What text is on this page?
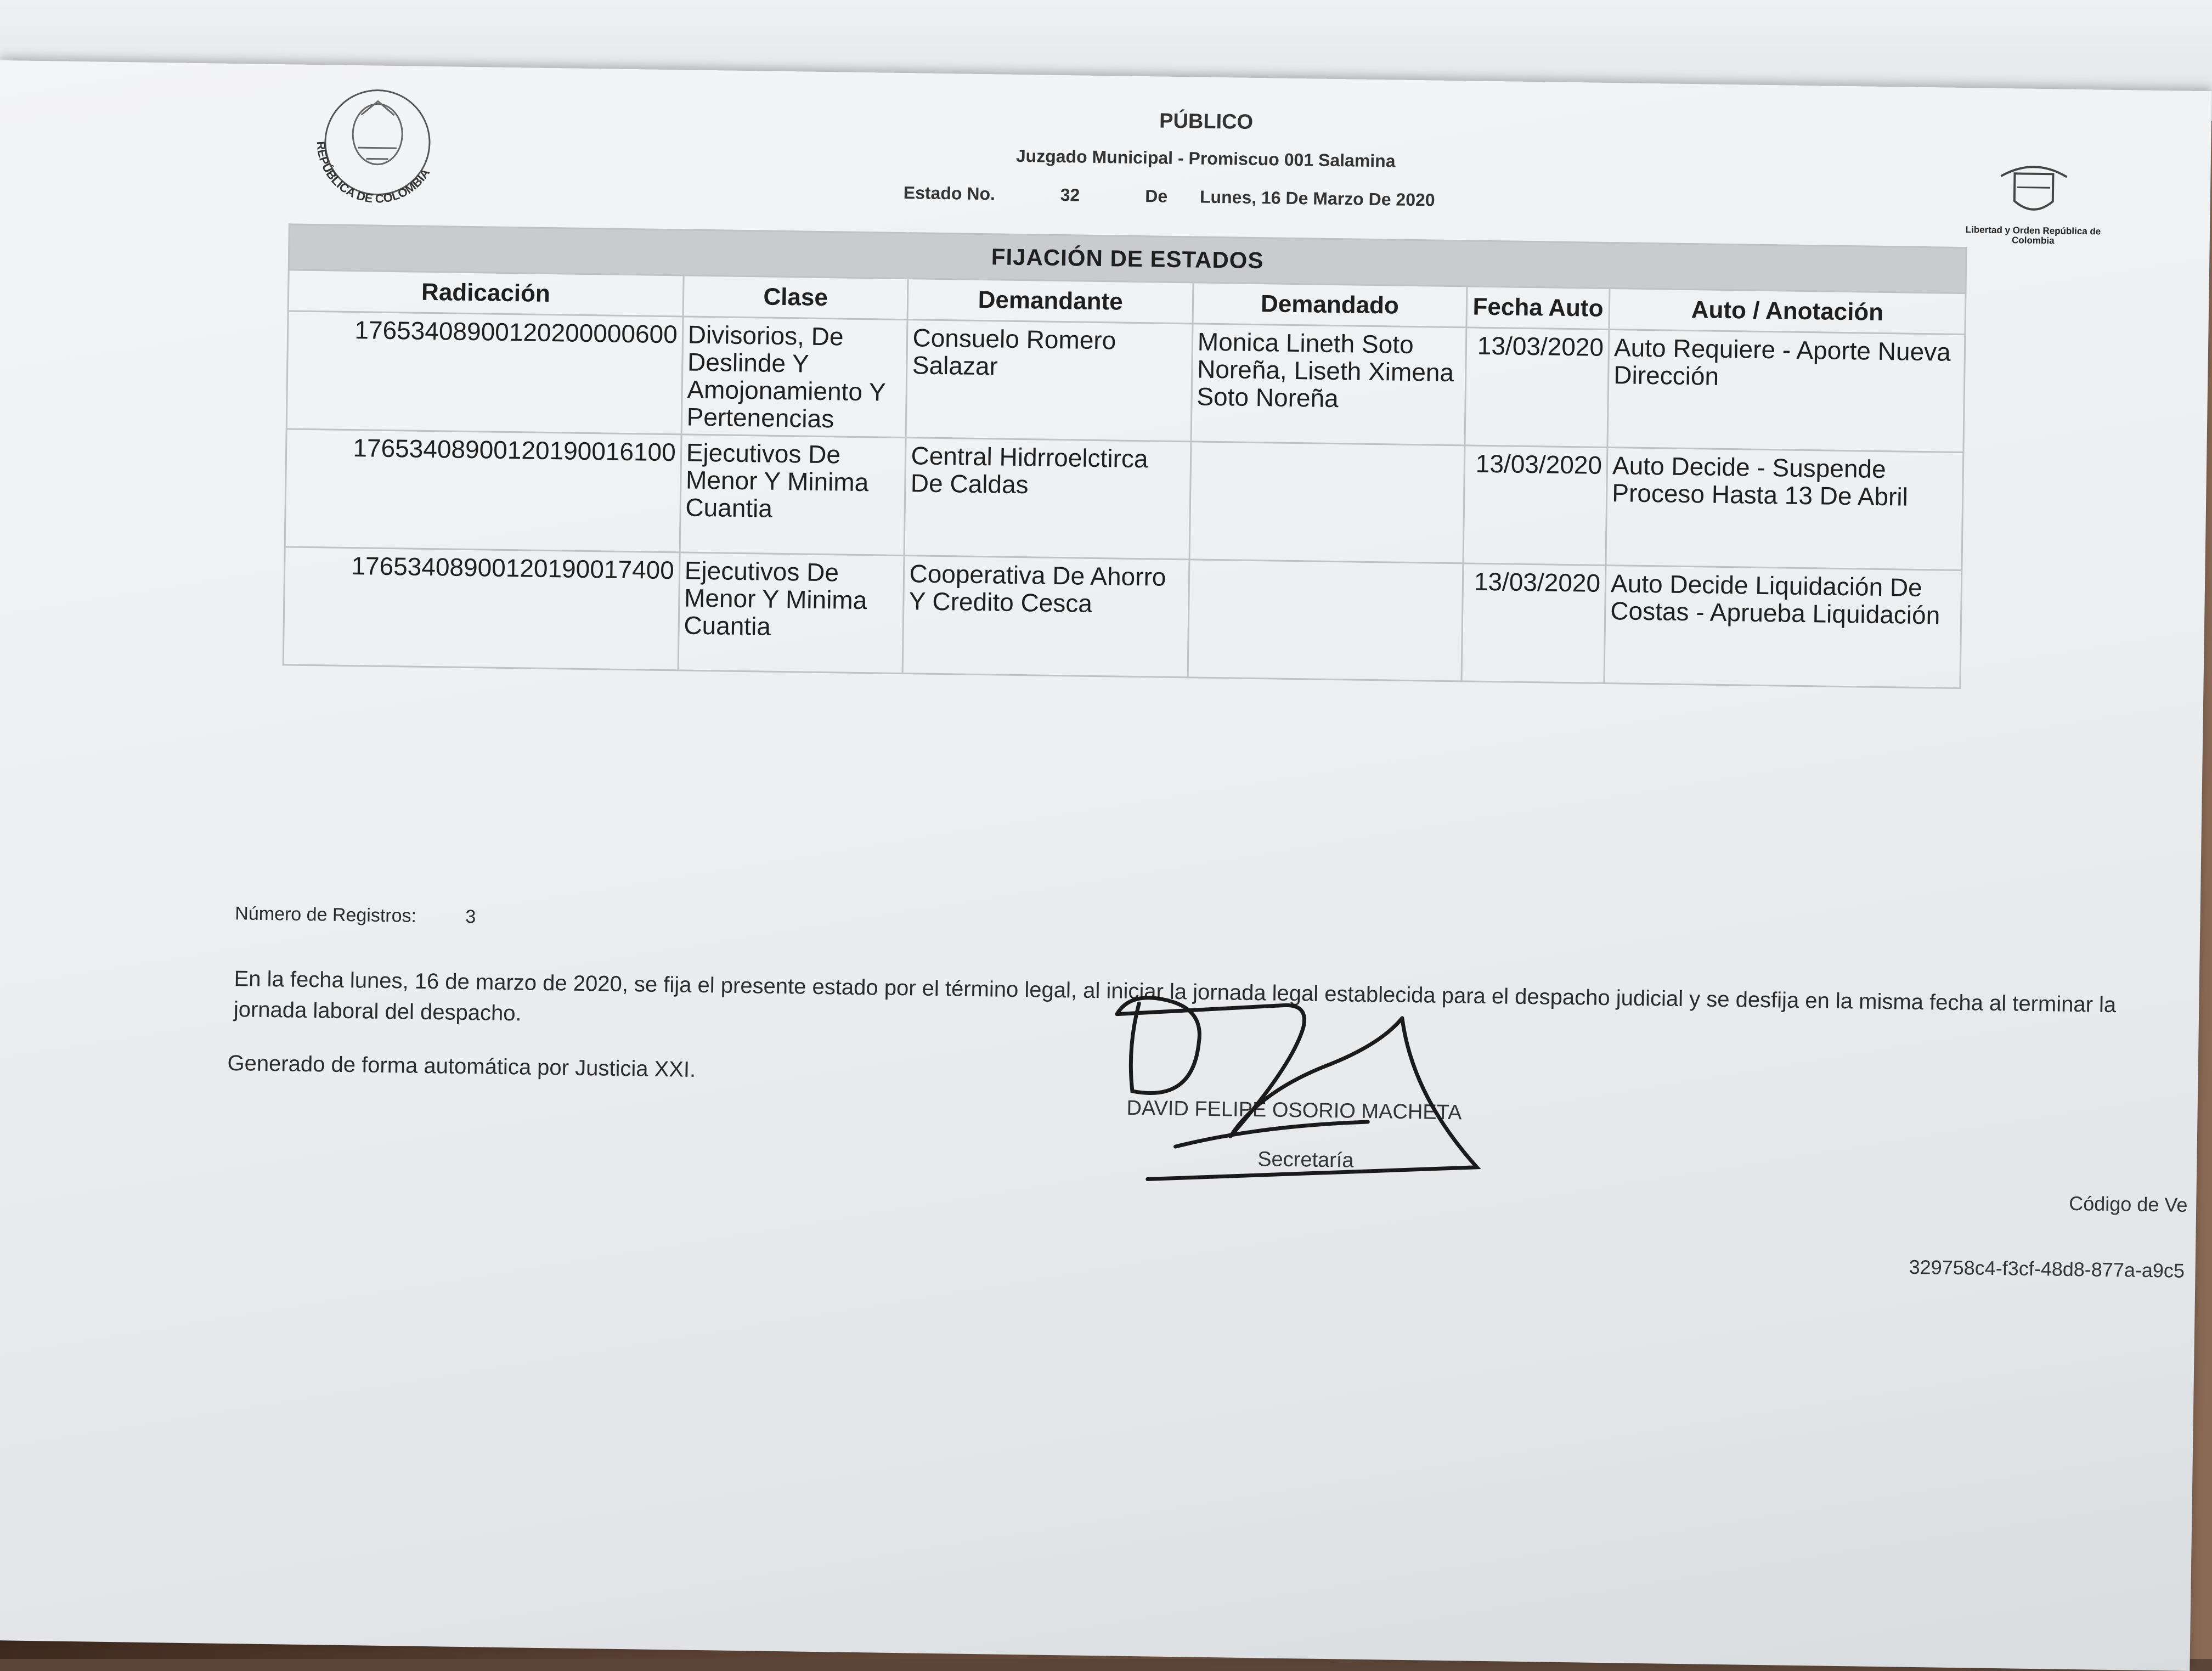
REPÚBLICA DE COLOMBIA
Libertad y Orden República de Colombia
PÚBLICO
Juzgado Municipal - Promiscuo 001 Salamina
Estado No.	32	De Lunes, 16 De Marzo De 2020
FIJACIÓN DE ESTADOS					
Radicación	Clase	Demandante	Demandado	Fecha Auto	Auto / Anotación
17653408900120200000600	Divisorios, De Deslinde Y Amojonamiento Y Pertenencias	Consuelo Romero Salazar	Monica Lineth Soto Noreña, Liseth Ximena Soto Noreña	13/03/2020	Auto Requiere - Aporte Nueva Dirección
17653408900120190016100	Ejecutivos De Menor Y Minima Cuantia	Central Hidrroelctirca De Caldas		13/03/2020	Auto Decide - Suspende Proceso Hasta 13 De Abril
17653408900120190017400	Ejecutivos De Menor Y Minima Cuantia	Cooperativa De Ahorro Y Credito Cesca		13/03/2020	Auto Decide Liquidación De Costas - Aprueba Liquidación
Número de Registros:	3
En la fecha lunes, 16 de marzo de 2020, se fija el presente estado por el término legal, al iniciar la jornada legal establecida para el despacho judicial y se desfija en la misma fecha al terminar la jornada laboral del despacho.
Generado de forma automática por Justicia XXI.
DAVID FELIPE OSORIO MACHETA
Secretaría
Código de Ve
329758c4-f3cf-48d8-877a-a9c5
